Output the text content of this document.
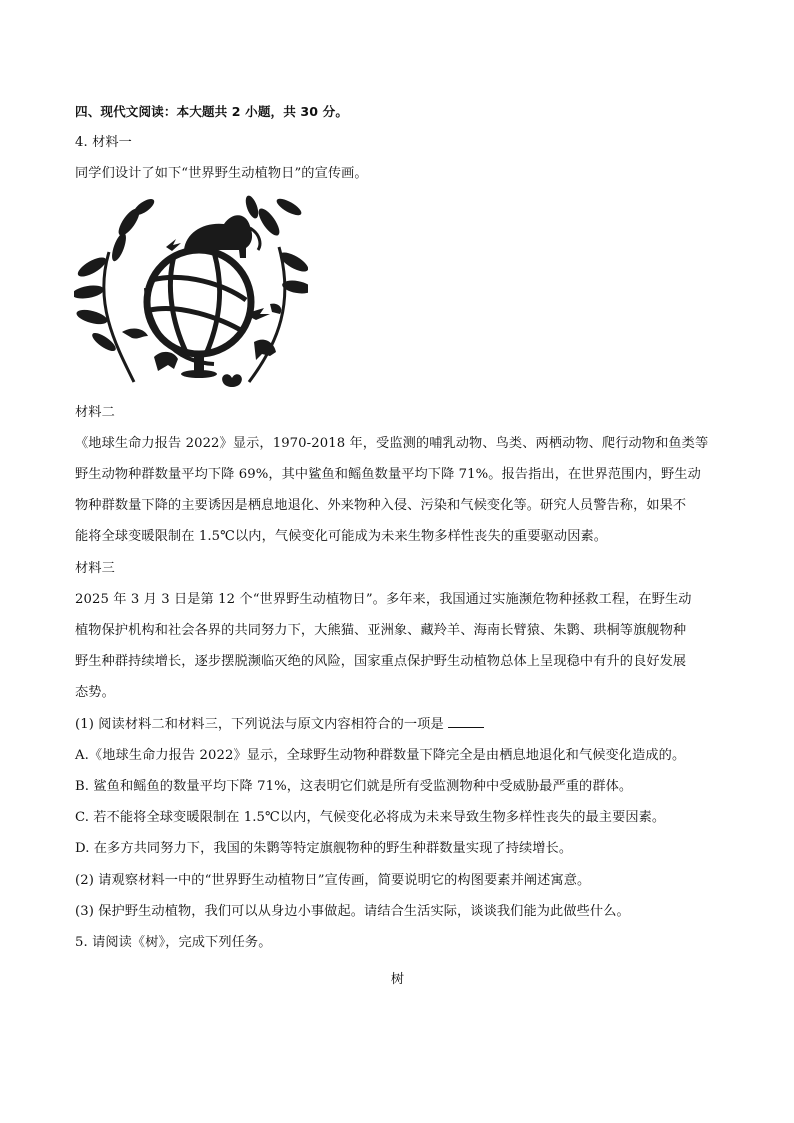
四、现代文阅读：本大题共 2 小题，共 30 分。
4. 材料一
同学们设计了如下“世界野生动植物日”的宣传画。
材料二
《地球生命力报告 2022》显示，1970-2018 年，受监测的哺乳动物、鸟类、两栖动物、爬行动物和鱼类等
野生动物种群数量平均下降 69%，其中鲨鱼和鳐鱼数量平均下降 71%。报告指出，在世界范围内，野生动
物种群数量下降的主要诱因是栖息地退化、外来物种入侵、污染和气候变化等。研究人员警告称，如果不
能将全球变暖限制在 1.5℃以内，气候变化可能成为未来生物多样性丧失的重要驱动因素。
材料三
2025 年 3 月 3 日是第 12 个“世界野生动植物日”。多年来，我国通过实施濒危物种拯救工程，在野生动
植物保护机构和社会各界的共同努力下，大熊猫、亚洲象、藏羚羊、海南长臂猿、朱鹮、珙桐等旗舰物种
野生种群持续增长，逐步摆脱濒临灭绝的风险，国家重点保护野生动植物总体上呈现稳中有升的良好发展
态势。
(1) 阅读材料二和材料三，下列说法与原文内容相符合的一项是
A.《地球生命力报告 2022》显示，全球野生动物种群数量下降完全是由栖息地退化和气候变化造成的。
B. 鲨鱼和鳐鱼的数量平均下降 71%，这表明它们就是所有受监测物种中受威胁最严重的群体。
C. 若不能将全球变暖限制在 1.5℃以内，气候变化必将成为未来导致生物多样性丧失的最主要因素。
D. 在多方共同努力下，我国的朱鹮等特定旗舰物种的野生种群数量实现了持续增长。
(2) 请观察材料一中的“世界野生动植物日”宣传画，简要说明它的构图要素并阐述寓意。
(3) 保护野生动植物，我们可以从身边小事做起。请结合生活实际，谈谈我们能为此做些什么。
5. 请阅读《树》，完成下列任务。
树
